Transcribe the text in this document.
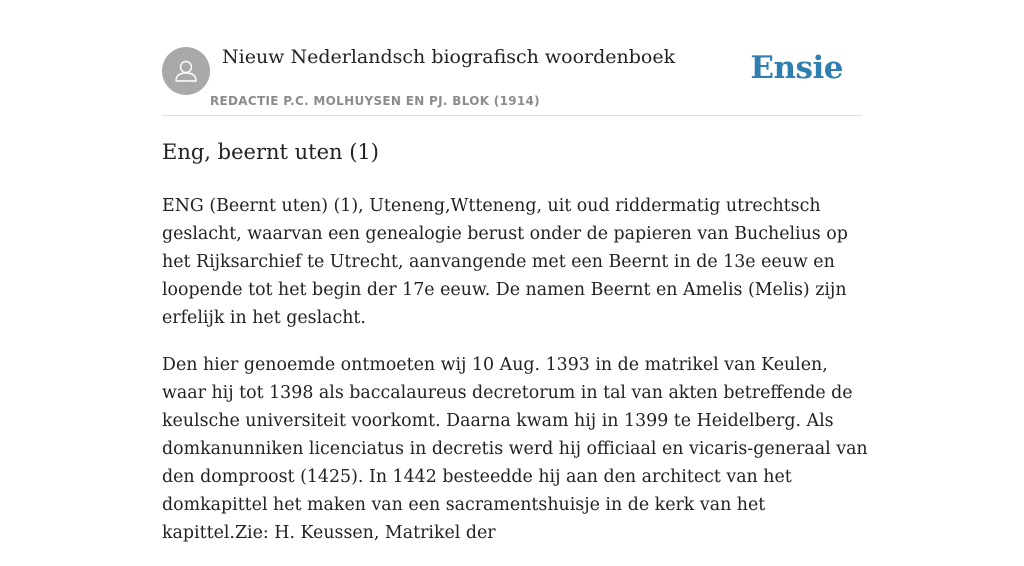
Nieuw Nederlandsch biografisch woordenboek
REDACTIE P.C. MOLHUYSEN EN PJ. BLOK (1914)
Ensie
Eng, beernt uten (1)

ENG (Beernt uten) (1), Uteneng,Wtteneng, uit oud riddermatig utrechtsch geslacht, waarvan een genealogie berust onder de papieren van Buchelius op het Rijksarchief te Utrecht, aanvangende met een Beernt in de 13e eeuw en loopende tot het begin der 17e eeuw. De namen Beernt en Amelis (Melis) zijn erfelijk in het geslacht.

Den hier genoemde ontmoeten wij 10 Aug. 1393 in de matrikel van Keulen, waar hij tot 1398 als baccalaureus decretorum in tal van akten betreffende de keulsche universiteit voorkomt. Daarna kwam hij in 1399 te Heidelberg. Als domkanunniken licenciatus in decretis werd hij officiaal en vicaris-generaal van den domproost (1425). In 1442 besteedde hij aan den architect van het domkapittel het maken van een sacramentshuisje in de kerk van het kapittel.Zie: H. Keussen, Matrikel der
